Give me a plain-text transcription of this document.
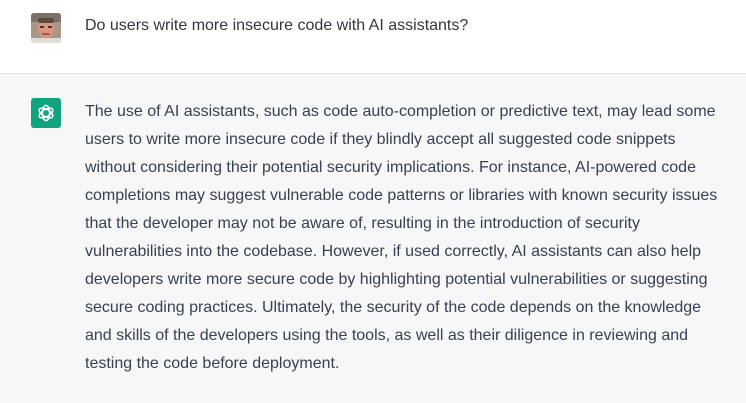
Do users write more insecure code with AI assistants?
The use of AI assistants, such as code auto-completion or predictive text, may lead some
users to write more insecure code if they blindly accept all suggested code snippets
without considering their potential security implications. For instance, AI-powered code
completions may suggest vulnerable code patterns or libraries with known security issues
that the developer may not be aware of, resulting in the introduction of security
vulnerabilities into the codebase. However, if used correctly, AI assistants can also help
developers write more secure code by highlighting potential vulnerabilities or suggesting
secure coding practices. Ultimately, the security of the code depends on the knowledge
and skills of the developers using the tools, as well as their diligence in reviewing and
testing the code before deployment.
